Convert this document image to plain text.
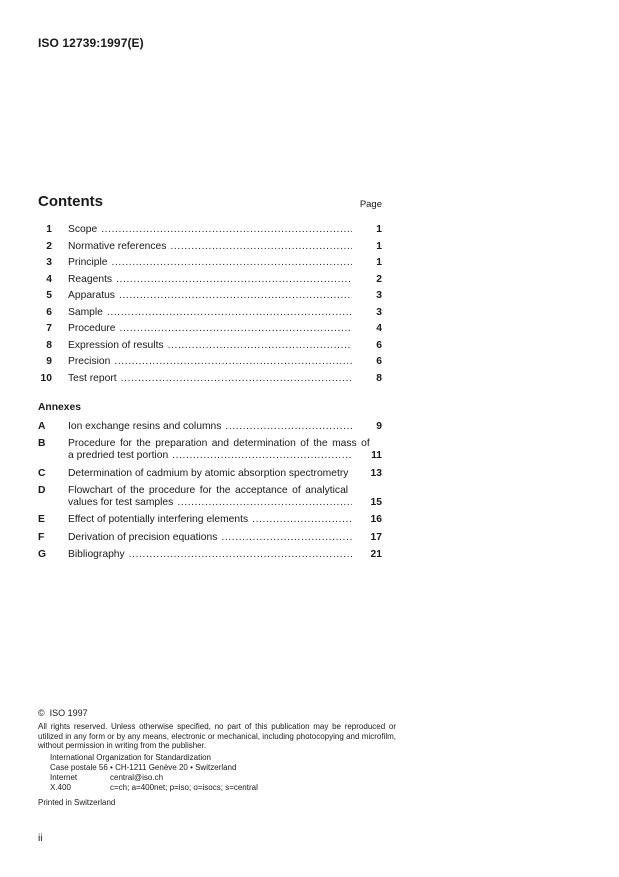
ISO 12739:1997(E)
Contents	Page
1 Scope .....	1
2 Normative references .....	1
3 Principle .....	1
4 Reagents .....	2
5 Apparatus .....	3
6 Sample .....	3
7 Procedure .....	4
8 Expression of results .....	6
9 Precision .....	6
10 Test report .....	8
Annexes
A	Ion exchange resins and columns .....	9
B	Procedure for the preparation and determination of the mass of
a predried test portion .....	11
C	Determination of cadmium by atomic absorption spectrometry	13
D	Flowchart of the procedure for the acceptance of analytical
values for test samples .....	15
E	Effect of potentially interfering elements .....	16
F	Derivation of precision equations .....	17
G	Bibliography .....	21
©  ISO 1997
All rights reserved. Unless otherwise specified, no part of this publication may be reproduced or utilized in any form or by any means, electronic or mechanical, including photocopying and microfilm, without permission in writing from the publisher.
International Organization for Standardization
Case postale 56 • CH-1211 Genève 20 • Switzerland
Internet	central@iso.ch
X.400	c=ch; a=400net; p=iso; o=isocs; s=central
Printed in Switzerland
ii
